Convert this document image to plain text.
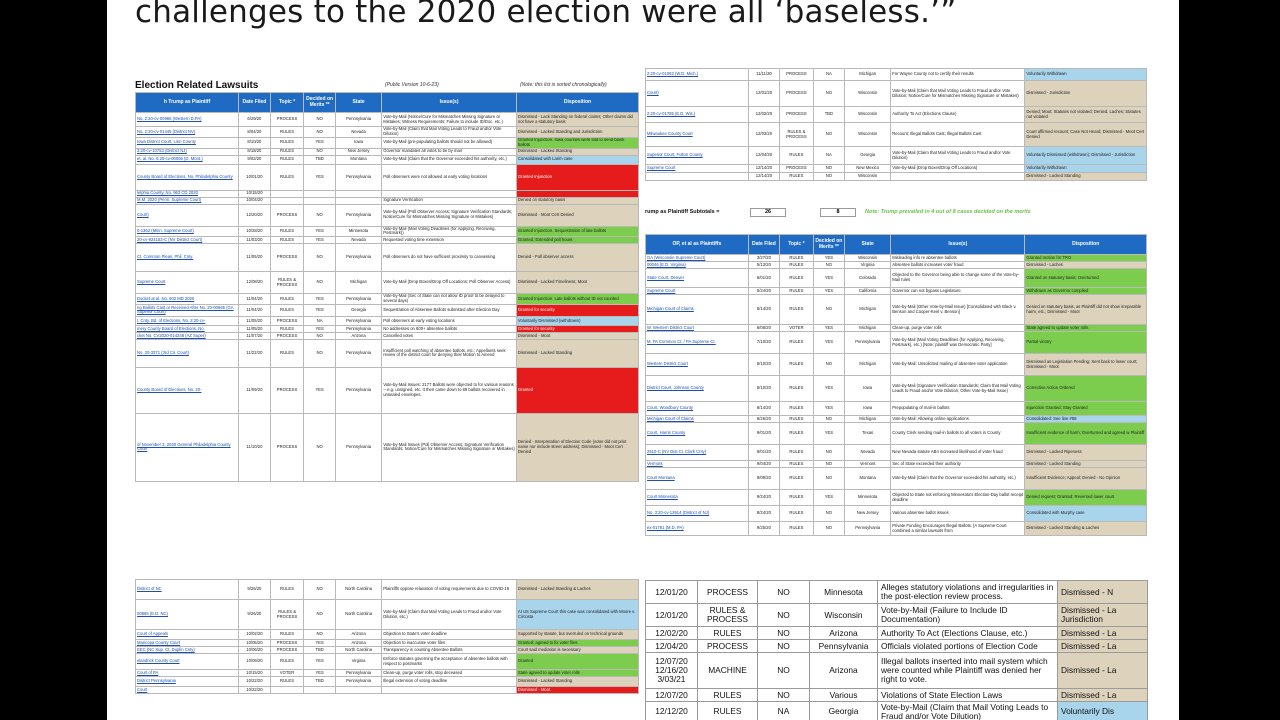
challenges to the 2020 election were all ‘baseless.’”
Election Related Lawsuits	(Public Version 10-6-23)	(Note: this list is sorted chronologically)
h Trump as Plaintiff	Date Filed	Topic *	Decided on Merits **	State	Issue(s)	Disposition
No. 2:20-cv-00966 (Western D.PA)	6/29/20	PROCESS	NO	Pennsylvania	Vote-by-Mail (Notice/Cure for Mismatches Missing Signature or Mistakes; Witness Requirements; Failure to include ID/Doc. etc.)	Dismissed - Lack Standing on federal claims; Other claims did not have a statutory basis
No. 2:20-cv-01445 (District NV)	8/04/20	RULES	NO	Nevada	Vote-by-Mail (Claim that Mail Voting Leads to Fraud and/or Vote Dilution)	Dismissed - Lacked Standing and Jurisdiction
Iowa District Court, Linn County	8/10/20	RULES	YES	Iowa	Vote-by-Mail (pre-populating ballots should not be allowed)	Granted Injunction. Iowa counties were told to send blank ballots
3:20-cv-10753 (District NJ)	8/18/20	RULES	NO	New Jersey	Governor mandates all votes to be by mail	Dismissed - Lacked Standing
et. al. No. 6:20-cv-00066 (D. Mont.)	9/02/20	RULES	TBD	Montana	Vote-by-Mail (Claim that the Governor exceeded his authority, etc.)	Consolidated with Larim case
County Board of Elections, No. Philadelphia County	10/01/20	RULES	YES	Pennsylvania	Poll observers were not allowed at early voting locations	Granted Injunction
lelphia County, No. 963 CD 2020	10/15/20					
M.M. 2020 (Penn. Supreme Court)	10/04/20				Signature Verification	Denied on statutory basis
Court)	12/20/20	PROCESS	NO	Pennsylvania	Vote-by-Mail (Poll Observer Access; Signature Verification Standards; Notice/Cure for Mismatches Missing Signature or Mistakes)	Dismissed - Moot Cert Denied
0-1362 (Minn. Supreme Court)	10/28/20	RULES	YES	Minnesota	Vote-by-Mail (Mail Voting Deadlines (for Applying, Receiving, Postmark))	Granted Injunction. Sequestration of late ballots
20-cv-924153-C (NV District Court)	11/03/20	RULES	YES	Nevada	Requested voting time extension	Granted. Extended poll hours
Ct. Common Pleas, Phil. Cnty.	11/05/20	PROCESS	NO	Pennsylvania	Poll observers do not have sufficient proximity to canvassing	Denied - Poll observer access
Supreme Court	12/08/20	RULES & PROCESS	NO	Michigan	Vote-by-Mail (Drop Boxes/Drop Off Locations; Poll Observer Access)	Dismissed - Lacked Timeliness; Moot
Docket at al. No. 602 MD 2020	11/04/20	RULES	YES	Pennsylvania	Vote-by-Mail (Sec of State can not allow ID proof to be delayed to several days)	Granted Injunction. Late ballots without ID not counted
ng Ballots Cast or Received After No. 20-00665 (GA Superior Court)	11/04/20	RULES	YES	Georgia	Sequestration of Absentee Ballots submitted after Election Day	Granted for security
t. Cnty. Bd. of Elections, No. 2:20-cv-	11/05/20	PROCESS	NA	Pennsylvania	Poll observers at early voting locations	Voluntarily Dismissed (withdrawn)
mery County Board of Elections, No.	11/05/20	RULES	YES	Pennsylvania	No addresses on 600+ absentee ballots	Granted for security
cket No. CV2020-014248 (AZ Super)	11/07/20	PROCESS	NO	Arizona	Cancelled votes	Dismissed - Moot
No. 20-3371 (3rd Cir. Court)	11/22/20	RULES	NO	Pennsylvania	Insufficient poll watching of absentee ballots, etc.; Appellants seek review of the district court for denying their Motion to Amend	Dismissed - Lacked Standing
County Board of Elections, No. 20-	11/09/20	PROCESS	YES	Pennsylvania	Vote-by-Mail Issues: 2177 Ballots were objected to for various reasons -- e.g. unsigned, etc. It then came down to 69 ballots recovered in unsealed envelopes.	Granted
of November 3, 2020 General Philadelphia County Court	11/10/20	PROCESS	NO	Pennsylvania	Vote-by-Mail Issues (Poll Observer Access; Signature Verification Standards; Notice/Cure for Mismatches Missing Signature or Mistakes)	Denied - Interpretation of Election Code (voter did not print name nor include street address); Dismissed - Moot Cert Denied
District of NC	9/26/20	RULES	NO	North Carolina	Plaintiffs oppose relaxation of voting requirements due to COVID-19	Dismissed - Lacked Standing & Laches
00885 (E.D. NC)	9/26/20	RULES & PROCESS	NO	North Carolina	Vote-by-Mail (Claim that Mail Voting Leads to Fraud and/or Vote Dilution, etc.)	At US Supreme Court this case was consolidated with Moore v. Circosta
Court of Appeals	10/02/20	RULES	NO	Arizona	Objection to State's voter deadline	Supported by statute, but overruled on technical grounds
Maricopa County Court	10/05/20	PROCESS	YES	Arizona	Objection to inaccurate voter files	Granted: agreed to fix voter files
EEC (NC Sup. Ct. Duplin Cnty)	10/06/20	PROCESS	TBD	North Carolina	Transparency in counting Absentee Ballots	Court said mediation is necessary
elandrick County Court	10/09/20	RULES	YES	Virginia	Enforce statutes governing the acceptance of absentee ballots with respect to postmarks	Granted
Court of PA	10/15/20	VOTER	YES	Pennsylvania	Clean-up, purge voter rolls, stop deceased	State agreed to update voter rolls
District Pennsylvania	10/22/20	RULES	TBD	Pennsylvania	Illegal extension of voting deadline	Dismissed - Lacked Standing
Court	10/22/20					Dismissed - Moot
2:20-cv-01083 (W.D. Mich.)	11/11/20	PROCESS	NA	Michigan	For Wayne County not to certify their results	Voluntarily Withdrawn
Court)	12/01/20	PROCESS	NO	Wisconsin	Vote-by-Mail (Claim that Mail Voting Leads to Fraud and/or Vote Dilution; Notice/Cure for Mismatches Missing Signature or Mistakes)	Dismissed - Jurisdiction
2:20-cv-01785 (E.D. Wis.)	12/02/20	PROCESS	TBD	Wisconsin	Authority To Act (Elections Clause)	Denied; Moot; Statutes not violated; Denied. Laches; Statutes not violated
Milwaukee County Court	12/03/20	RULES & PROCESS	NO	Wisconsin	Recount; Illegal Ballots Cast; Illegal Ballots Cast	Court affirmed recount; Case Not Heard; Dismissed - Moot Cert Denied
Superior Court, Fulton County	12/04/20	RULES	NA	Georgia	Vote-by-Mail (Claim that Mail Voting Leads to Fraud and/or Vote Dilution)	Voluntarily Dismissed (withdrawn); Dismissed - Jurisdiction
Supreme Court	12/14/20	PROCESS	NO	New Mexico	Vote-by-Mail (Drop Boxes/Drop Off Locations)	Voluntarily Withdrawn
	12/14/20	RULES	NO	Wisconsin		Dismissed - Lacked Standing
rump as Plaintiff Subtotals =	26	8	Note: Trump prevailed in 4 out of 8 cases decided on the merits
OP, et al as Plaintiffs	Date Filed	Topic *	Decided on Merits **	State	Issue(s)	Disposition
GA (Wisconsin Supreme Court)	3/27/20	RULES	YES	Wisconsin	Misleading info re absentee ballots	Granted motion for TRO
00046 (E.D. Virginia)	5/13/20	RULES	NO	Virginia	Absentee ballots increases voter fraud	Dismissed - Laches
State Court, Denver	6/01/20	RULES	YES	Colorado	Objected to the Governor being able to change some of the Vote-by-Mail rules	Granted on statutory basis; Overturned
Supreme Court	5/24/20	RULES	YES	California	Governor can not bypass Legislature	Withdrawn as Governor complied
Michigan Court of Claims	8/14/20	RULES	NO	Michigan	Vote-by-Mail (Other Vote-by-Mail Issue) [Consolidated with Black v. Benson and Cooper-Keel v. Benson]	Denied on statutory basis, as Plaintiff did not show irreparable harm, etc.; Dismissed - Moot
W. Western District Court	6/08/20	VOTER	YES	Michigan	Clean-up, purge voter rolls	State agreed to update voter rolls
M. PA Common Ct. / PA Supreme Ct.	7/10/20	RULES	YES	Pennsylvania	Vote-by-Mail (Mail Voting Deadlines (for Applying, Receiving, Postmark), etc.) [Note: plaintiff was Democratic Party]	Partial victory
Western District Court	8/10/20	RULES	NO	Michigan	Vote-by-Mail: Unsolicited mailing of absentee voter application	Dismissed as Legislation Pending; Sent back to lower court; Dismissed - Moot
District Court, Johnson County	8/10/20	RULES	YES	Iowa	Vote-by-Mail (Signature Verification Standards; Claim that Mail Voting Leads to Fraud and/or Vote Dilution; Other Vote-by-Mail Issue)	Corrective Action Ordered
Court, Woodbury County	8/14/20	RULES	YES	Iowa	Prepopulating of mail-in ballots	Injunction Granted; Stay Granted
Michigan Court of Claims	8/26/20	RULES	NO	Michigan	Vote-by-Mail: Allowing online applications	Consolidated: See line #88
Court, Harris County	9/01/20	RULES	YES	Texas	County Clerk sending mail-in ballots to all voters in County	Insufficient evidence of harm; Overturned and agreed w Plaintiff
2510-C (NV Dist Ct. Clark Cnty)	9/01/20	RULES	NO	Nevada	New Nevada statute AB4 increased likelihood of voter fraud	Dismissed - Lacked Ripeness
Vermont	9/04/20	RULES	NO	Vermont	Sec of State exceeded their authority	Dismissed - Lacked Standing
Court Montana	9/09/20	RULES	NO	Montana	Vote-by-Mail (Claim that the Governor exceeded his authority, etc.)	Insufficient Evidence; Appeal; Denied - No Opinion
Court Minnesota	9/24/20	RULES	YES	Minnesota	Objected to State not enforcing Minnesota's Election-Day ballot receipt deadline	Denied request; Granted: Reversed lower court
No. 3:20-cv-13914 (District of NJ)	8/24/20	RULES	NO	New Jersey	Various absentee ballot issues	Consolidated with Murphy case
ex-01781 (M.D. PA)	9/25/20	RULES	NO	Pennsylvania	Private Funding Encourages Illegal Ballots. [A Supreme Court combined a similar lawsuits from	Dismissed - Lacked Standing & Laches
12/01/20	PROCESS	NO	Minnesota	Alleges statutory violations and irregularities in the post-election review process.	Dismissed - N
12/01/20	RULES & PROCESS	NO	Wisconsin	Vote-by-Mail (Failure to Include ID Documentation)	Dismissed - La Jurisdiction
12/02/20	RULES	NO	Arizona	Authority To Act (Elections Clause, etc.)	Dismissed - La
12/04/20	PROCESS	NO	Pennsylvania	Officials violated portions of Election Code	Dismissed - La
12/07/20 12/16/20 3/03/21	MACHINE	NO	Arizona	Illegal ballots inserted into mail system which were counted while Plaintiff was denied her right to vote.	Dismissed - La
12/07/20	RULES	NO	Various	Violations of State Election Laws	Dismissed - La
12/12/20	RULES	NA	Georgia	Vote-by-Mail (Claim that Mail Voting Leads to Fraud and/or Vote Dilution)	Voluntarily Dis
